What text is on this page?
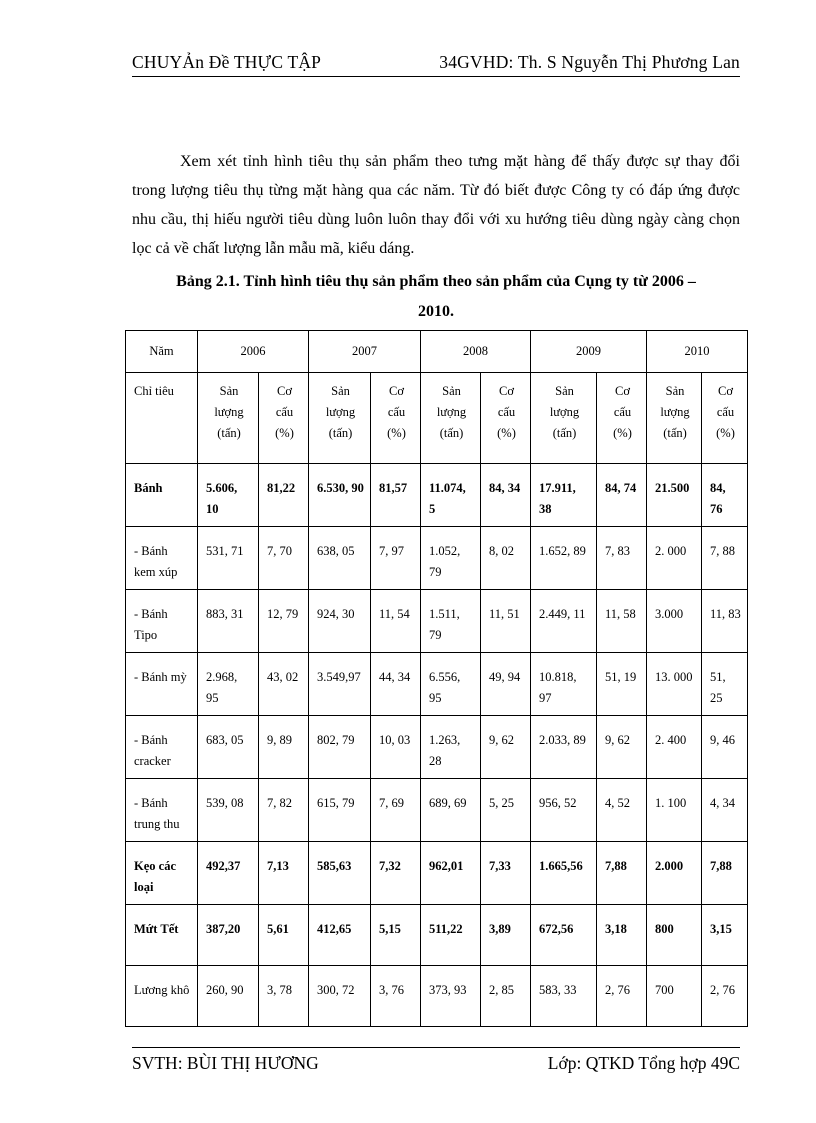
CHUYẢn Đề THỰC TẬP	34GVHD: Th. S Nguyễn Thị Phương Lan

Xem xét tỉnh hình tiêu thụ sản phẩm theo tưng mặt hàng để thấy được sự thay đổi trong lượng tiêu thụ từng mặt hàng qua các năm. Từ đó biết được Công ty có đáp ứng được nhu cầu, thị hiếu người tiêu dùng luôn luôn thay đổi với xu hướng tiêu dùng ngày càng chọn lọc cả về chất lượng lẫn mẫu mã, kiểu dáng.

Bảng 2.1. Tỉnh hình tiêu thụ sản phẩm theo sản phẩm của Cụng ty từ 2006 –
2010.
Năm	2006		2007		2008		2009		2010	
Chỉ tiêu	Sản lượng (tấn)	Cơ cấu (%)	Sản lượng (tấn)	Cơ cấu (%)	Sản lượng (tấn)	Cơ cấu (%)	Sản lượng (tấn)	Cơ cấu (%)	Sản lượng (tấn)	Cơ cấu (%)
Bánh	5.606, 10	81,22	6.530, 90	81,57	11.074, 5	84, 34	17.911, 38	84, 74	21.500	84, 76
- Bánh kem xúp	531, 71	7, 70	638, 05	7, 97	1.052, 79	8, 02	1.652, 89	7, 83	2. 000	7, 88
- Bánh Tipo	883, 31	12, 79	924, 30	11, 54	1.511, 79	11, 51	2.449, 11	11, 58	3.000	11, 83
- Bánh mỳ	2.968, 95	43, 02	3.549,97	44, 34	6.556, 95	49, 94	10.818, 97	51, 19	13. 000	51, 25
- Bánh cracker	683, 05	9, 89	802, 79	10, 03	1.263, 28	9, 62	2.033, 89	9, 62	2. 400	9, 46
- Bánh trung thu	539, 08	7, 82	615, 79	7, 69	689, 69	5, 25	956, 52	4, 52	1. 100	4, 34
Kẹo các loại	492,37	7,13	585,63	7,32	962,01	7,33	1.665,56	7,88	2.000	7,88
Mứt Tết	387,20	5,61	412,65	5,15	511,22	3,89	672,56	3,18	800	3,15
Lương khô	260, 90	3, 78	300, 72	3, 76	373, 93	2, 85	583, 33	2, 76	700	2, 76
SVTH: BÙI THỊ HƯƠNG	Lớp: QTKD Tổng hợp 49C
